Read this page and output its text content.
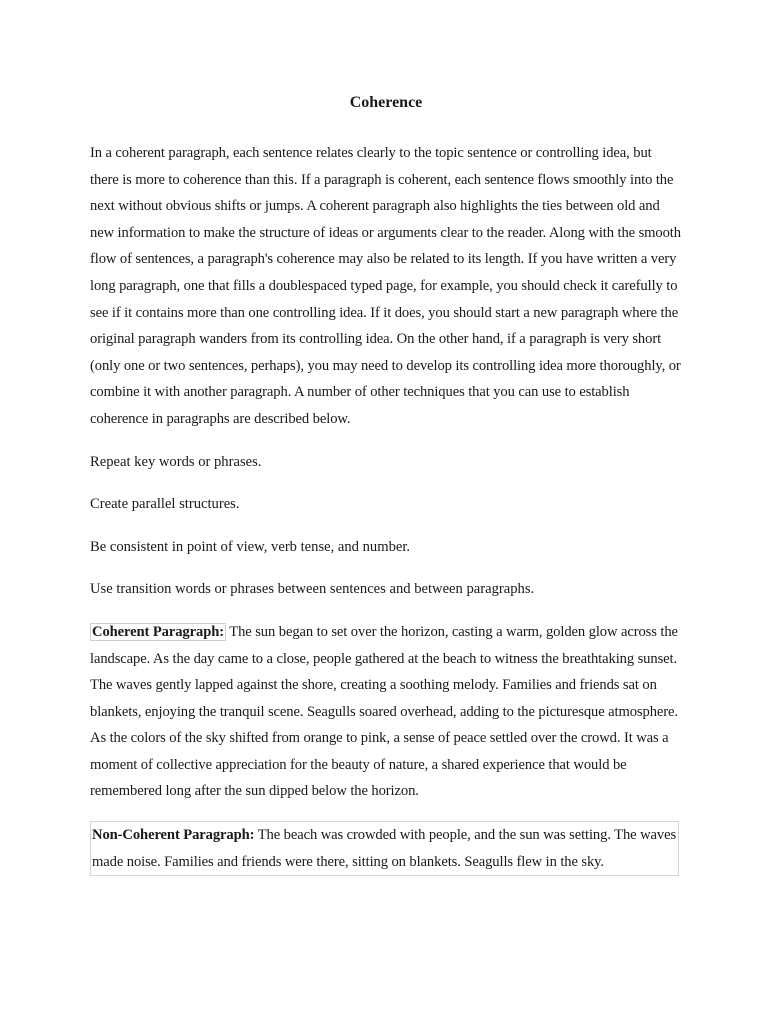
Coherence

In a coherent paragraph, each sentence relates clearly to the topic sentence or controlling idea, but there is more to coherence than this. If a paragraph is coherent, each sentence flows smoothly into the next without obvious shifts or jumps. A coherent paragraph also highlights the ties between old and new information to make the structure of ideas or arguments clear to the reader. Along with the smooth flow of sentences, a paragraph's coherence may also be related to its length. If you have written a very long paragraph, one that fills a doublespaced typed page, for example, you should check it carefully to see if it contains more than one controlling idea. If it does, you should start a new paragraph where the original paragraph wanders from its controlling idea. On the other hand, if a paragraph is very short (only one or two sentences, perhaps), you may need to develop its controlling idea more thoroughly, or combine it with another paragraph. A number of other techniques that you can use to establish coherence in paragraphs are described below.

Repeat key words or phrases.

Create parallel structures.

Be consistent in point of view, verb tense, and number.

Use transition words or phrases between sentences and between paragraphs.

Coherent Paragraph: The sun began to set over the horizon, casting a warm, golden glow across the landscape. As the day came to a close, people gathered at the beach to witness the breathtaking sunset. The waves gently lapped against the shore, creating a soothing melody. Families and friends sat on blankets, enjoying the tranquil scene. Seagulls soared overhead, adding to the picturesque atmosphere. As the colors of the sky shifted from orange to pink, a sense of peace settled over the crowd. It was a moment of collective appreciation for the beauty of nature, a shared experience that would be remembered long after the sun dipped below the horizon.

Non-Coherent Paragraph: The beach was crowded with people, and the sun was setting. The waves made noise. Families and friends were there, sitting on blankets. Seagulls flew in the sky.
